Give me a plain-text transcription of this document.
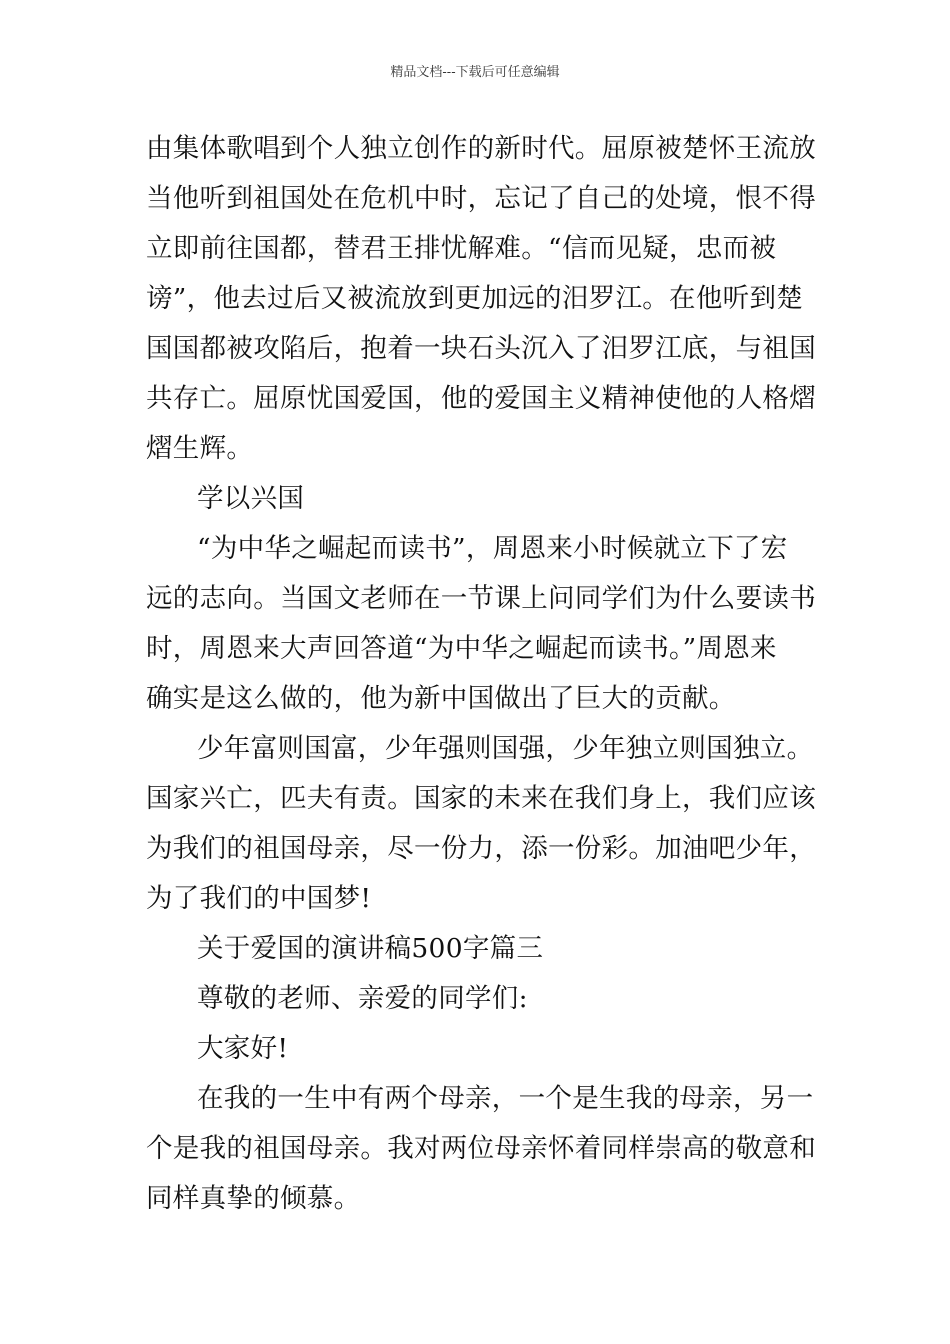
精品文档---下载后可任意编辑
由集体歌唱到个人独立创作的新时代。屈原被楚怀王流放
当他听到祖国处在危机中时，忘记了自己的处境，恨不得
立即前往国都，替君王排忧解难。“信而见疑，忠而被
谤”，他去过后又被流放到更加远的汨罗江。在他听到楚
国国都被攻陷后，抱着一块石头沉入了汨罗江底，与祖国
共存亡。屈原忧国爱国，他的爱国主义精神使他的人格熠
熠生辉。
学以兴国
“为中华之崛起而读书”，周恩来小时候就立下了宏
远的志向。当国文老师在一节课上问同学们为什么要读书
时，周恩来大声回答道“为中华之崛起而读书。”周恩来
确实是这么做的，他为新中国做出了巨大的贡献。
少年富则国富，少年强则国强，少年独立则国独立。
国家兴亡，匹夫有责。国家的未来在我们身上，我们应该
为我们的祖国母亲，尽一份力，添一份彩。加油吧少年，
为了我们的中国梦!
关于爱国的演讲稿500字篇三
尊敬的老师、亲爱的同学们:
大家好!
在我的一生中有两个母亲，一个是生我的母亲，另一
个是我的祖国母亲。我对两位母亲怀着同样崇高的敬意和
同样真挚的倾慕。
